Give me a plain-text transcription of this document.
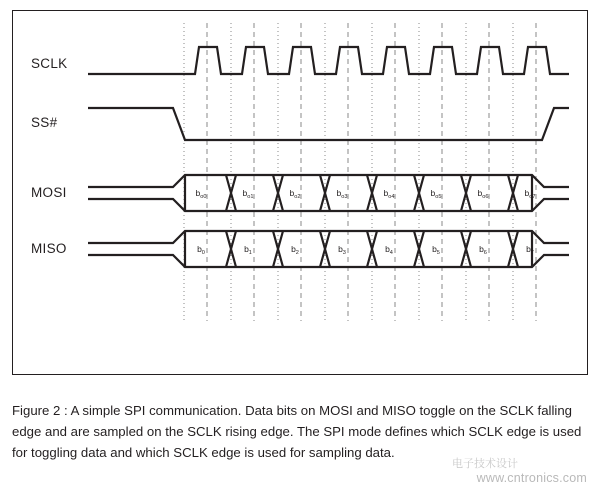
$b_{o0}$	$b_{o1}$	$b_{o2}$	$b_{o3}$	$b_{o4}$	$b_{o5}$	$b_{o6}$	$b_{o7}$
$b_0$	$b_1$	$b_2$	$b_3$	$b_4$	$b_5$	$b_6$	$b_7$
SCLK
SS#
MOSI
MISO
Figure 2 : A simple SPI communication. Data bits on MOSI and MISO toggle on the SCLK falling edge and are sampled on the SCLK rising edge. The SPI mode defines which SCLK edge is used for toggling data and which SCLK edge is used for sampling data.
电子技术设计
www.cntronics.com
